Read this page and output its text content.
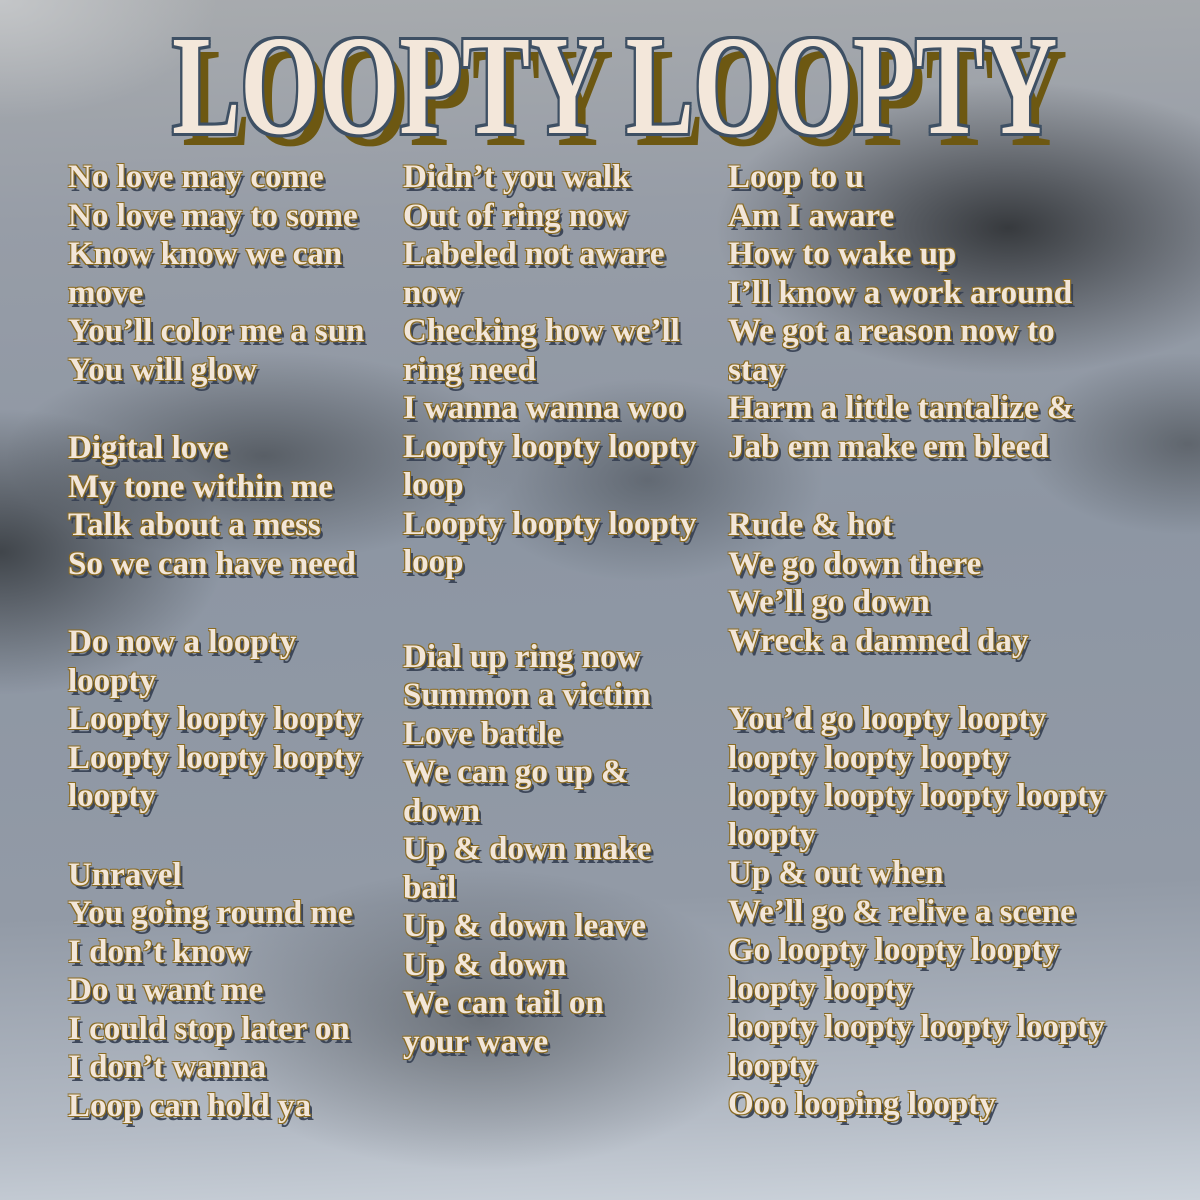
LOOPTY LOOPTY
No love may come
No love may to some
Know know we can
move
You’ll color me a sun
You will glow
Digital love
My tone within me
Talk about a mess
So we can have need
Do now a loopty
loopty
Loopty loopty loopty
Loopty loopty loopty
loopty
Unravel
You going round me
I don’t know
Do u want me
I could stop later on
I don’t wanna
Loop can hold ya
Didn’t you walk
Out of ring now
Labeled not aware
now
Checking how we’ll
ring need
I wanna wanna woo
Loopty loopty loopty
loop
Loopty loopty loopty
loop
Dial up ring now
Summon a victim
Love battle
We can go up &
down
Up & down make
bail
Up & down leave
Up & down
We can tail on
your wave
Loop to u
Am I aware
How to wake up
I’ll know a work around
We got a reason now to
stay
Harm a little tantalize &
Jab em make em bleed
Rude & hot
We go down there
We’ll go down
Wreck a damned day
You’d go loopty loopty
loopty loopty loopty
loopty loopty loopty loopty
loopty
Up & out when
We’ll go & relive a scene
Go loopty loopty loopty
loopty loopty
loopty loopty loopty loopty
loopty
Ooo looping loopty
